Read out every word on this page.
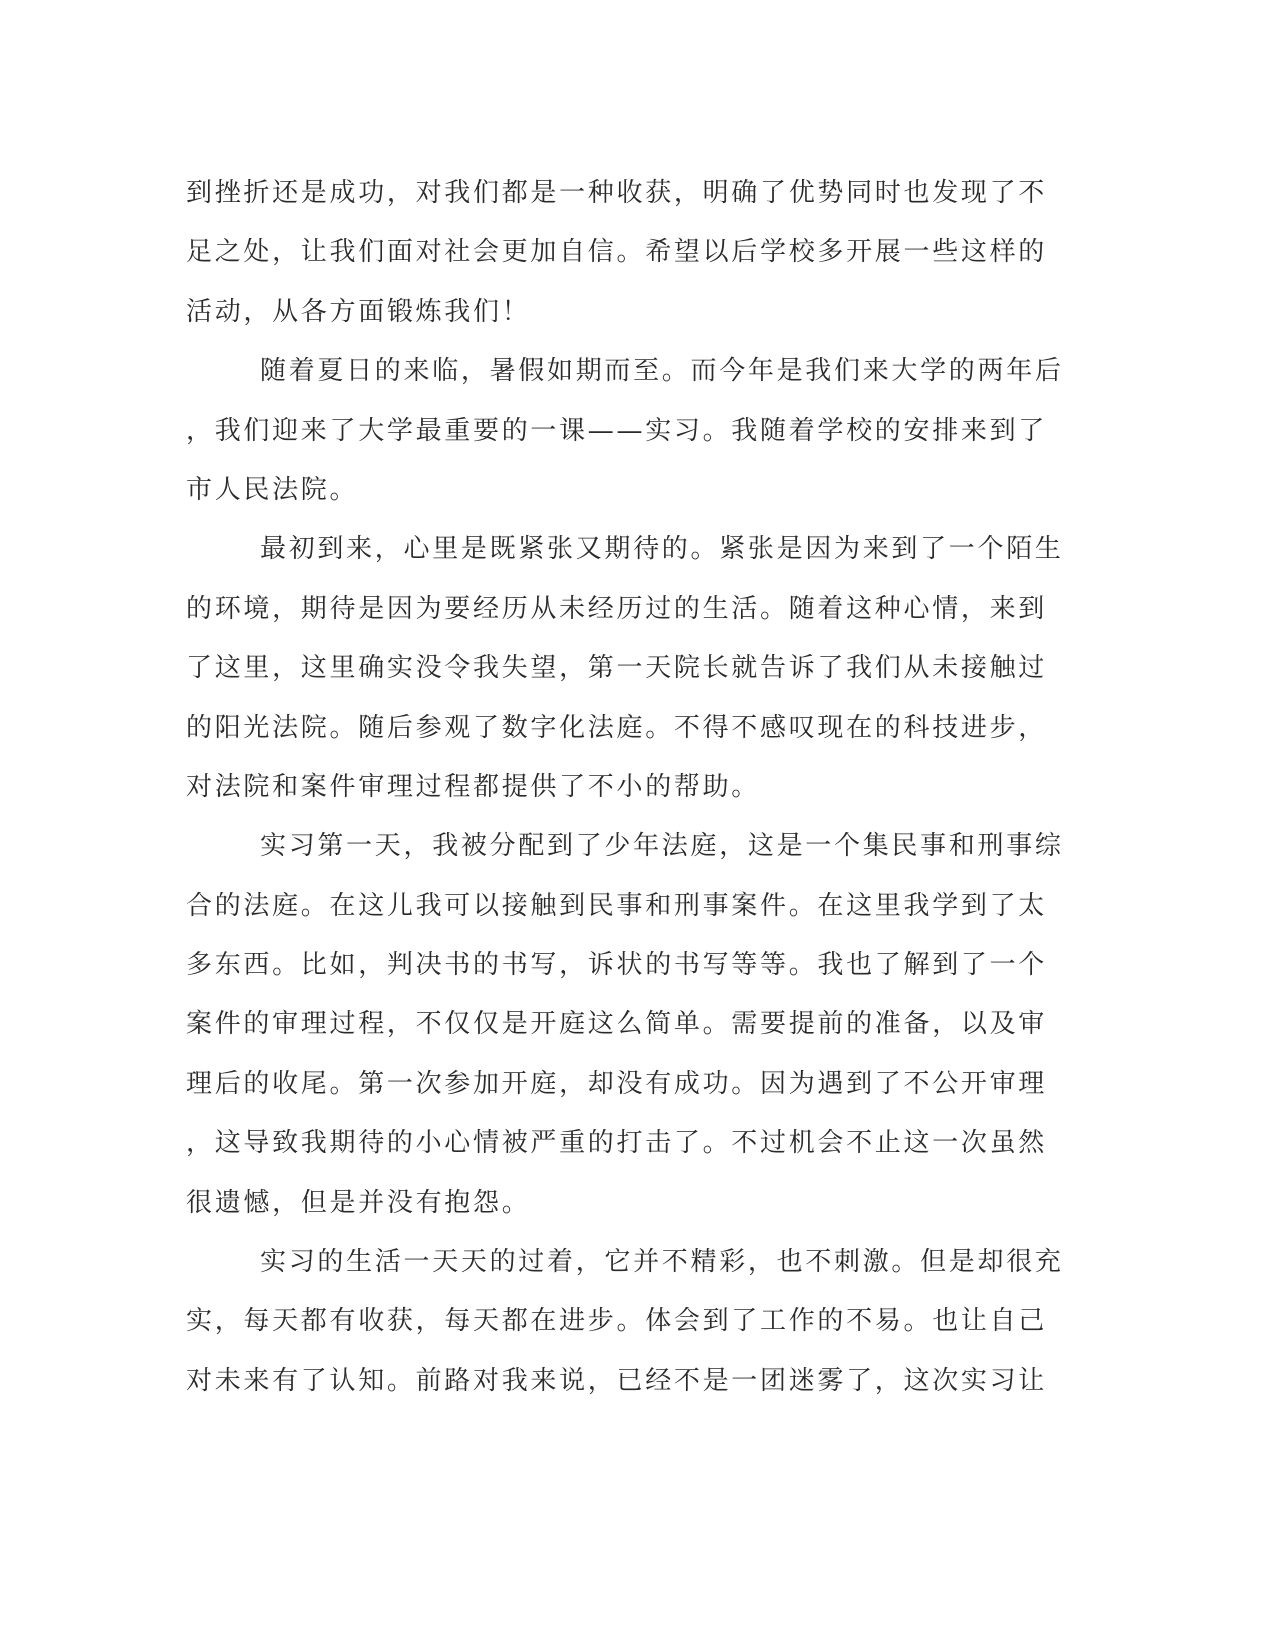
到挫折还是成功，对我们都是一种收获，明确了优势同时也发现了不
足之处，让我们面对社会更加自信。希望以后学校多开展一些这样的
活动，从各方面锻炼我们！
随着夏日的来临，暑假如期而至。而今年是我们来大学的两年后
，我们迎来了大学最重要的一课——实习。我随着学校的安排来到了
市人民法院。
最初到来，心里是既紧张又期待的。紧张是因为来到了一个陌生
的环境，期待是因为要经历从未经历过的生活。随着这种心情，来到
了这里，这里确实没令我失望，第一天院长就告诉了我们从未接触过
的阳光法院。随后参观了数字化法庭。不得不感叹现在的科技进步，
对法院和案件审理过程都提供了不小的帮助。
实习第一天，我被分配到了少年法庭，这是一个集民事和刑事综
合的法庭。在这儿我可以接触到民事和刑事案件。在这里我学到了太
多东西。比如，判决书的书写，诉状的书写等等。我也了解到了一个
案件的审理过程，不仅仅是开庭这么简单。需要提前的准备，以及审
理后的收尾。第一次参加开庭，却没有成功。因为遇到了不公开审理
，这导致我期待的小心情被严重的打击了。不过机会不止这一次虽然
很遗憾，但是并没有抱怨。
实习的生活一天天的过着，它并不精彩，也不刺激。但是却很充
实，每天都有收获，每天都在进步。体会到了工作的不易。也让自己
对未来有了认知。前路对我来说，已经不是一团迷雾了，这次实习让
